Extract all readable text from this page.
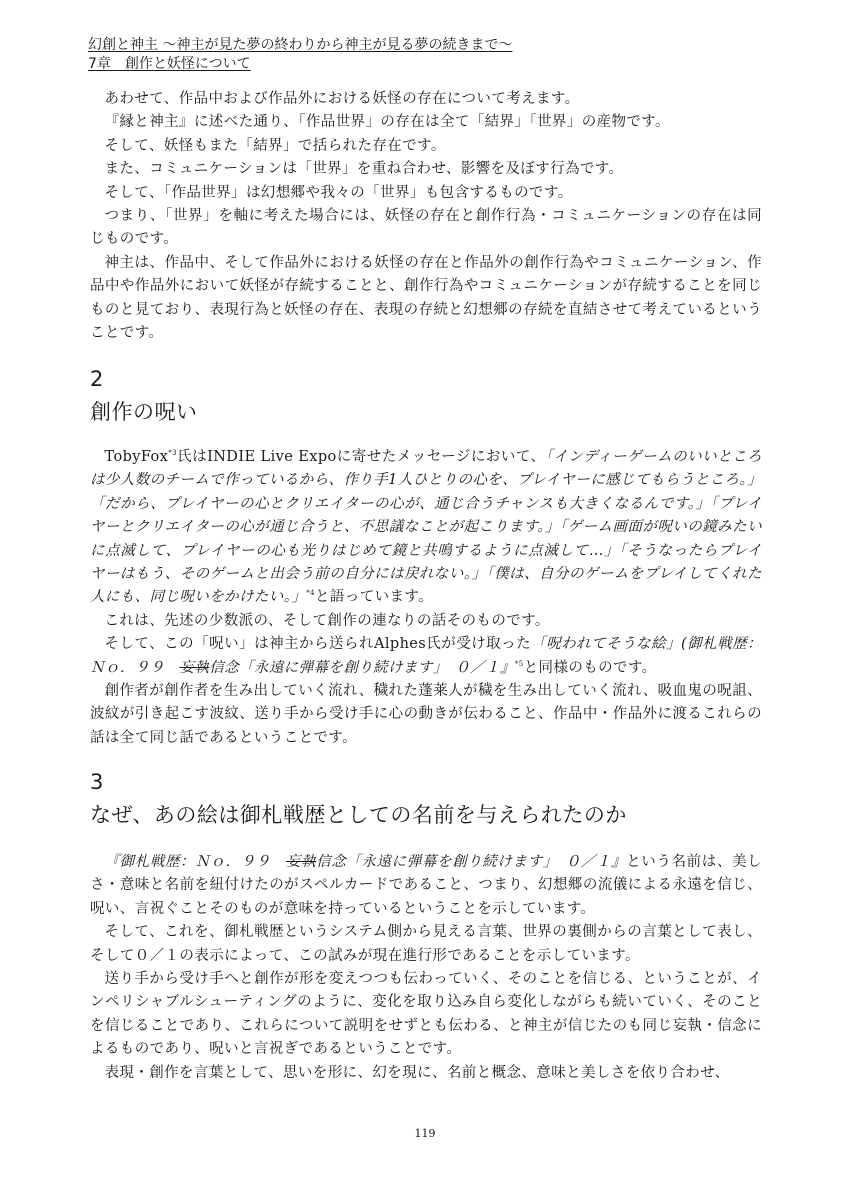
幻創と神主 ～神主が見た夢の終わりから神主が見る夢の続きまで～
7章　創作と妖怪について

あわせて、作品中および作品外における妖怪の存在について考えます。

『縁と神主』に述べた通り、「作品世界」の存在は全て「結界」「世界」の産物です。

そして、妖怪もまた「結界」で括られた存在です。

また、コミュニケーションは「世界」を重ね合わせ、影響を及ぼす行為です。

そして、「作品世界」は幻想郷や我々の「世界」も包含するものです。

つまり、「世界」を軸に考えた場合には、妖怪の存在と創作行為・コミュニケーションの存在は同じものです。

神主は、作品中、そして作品外における妖怪の存在と作品外の創作行為やコミュニケーション、作品中や作品外において妖怪が存続することと、創作行為やコミュニケーションが存続することを同じものと見ており、表現行為と妖怪の存在、表現の存続と幻想郷の存続を直結させて考えているということです。

2
創作の呪い

TobyFox$^{*3}$氏はINDIE Live Expoに寄せたメッセージにおいて、「インディーゲームのいいところは少人数のチームで作っているから、作り手1人ひとりの心を、プレイヤーに感じてもらうところ。」「だから、プレイヤーの心とクリエイターの心が、通じ合うチャンスも大きくなるんです。」「プレイヤーとクリエイターの心が通じ合うと、不思議なことが起こります。」「ゲーム画面が呪いの鏡みたいに点滅して、プレイヤーの心も光りはじめて鏡と共鳴するように点滅して…」「そうなったらプレイヤーはもう、そのゲームと出会う前の自分には戻れない。」「僕は、自分のゲームをプレイしてくれた人にも、同じ呪いをかけたい。」$^{*4}$と語っています。

これは、先述の少数派の、そして創作の連なりの話そのものです。

そして、この「呪い」は神主から送られAlphes氏が受け取った「呪われてそうな絵」(御札戦歴：Ｎｏ．９９　妄執信念「永遠に弾幕を創り続けます」　０／１』$^{*5}$と同様のものです。

創作者が創作者を生み出していく流れ、穢れた蓬莱人が穢を生み出していく流れ、吸血鬼の呪詛、波紋が引き起こす波紋、送り手から受け手に心の動きが伝わること、作品中・作品外に渡るこれらの話は全て同じ話であるということです。

3
なぜ、あの絵は御札戦歴としての名前を与えられたのか

『御札戦歴：Ｎｏ．９９　妄執信念「永遠に弾幕を創り続けます」　０／１』という名前は、美しさ・意味と名前を紐付けたのがスペルカードであること、つまり、幻想郷の流儀による永遠を信じ、呪い、言祝ぐことそのものが意味を持っているということを示しています。

そして、これを、御札戦歴というシステム側から見える言葉、世界の裏側からの言葉として表し、そして０／１の表示によって、この試みが現在進行形であることを示しています。

送り手から受け手へと創作が形を変えつつも伝わっていく、そのことを信じる、ということが、インペリシャブルシューティングのように、変化を取り込み自ら変化しながらも続いていく、そのことを信じることであり、これらについて説明をせずとも伝わる、と神主が信じたのも同じ妄執・信念によるものであり、呪いと言祝ぎであるということです。

表現・創作を言葉として、思いを形に、幻を現に、名前と概念、意味と美しさを依り合わせ、

119
